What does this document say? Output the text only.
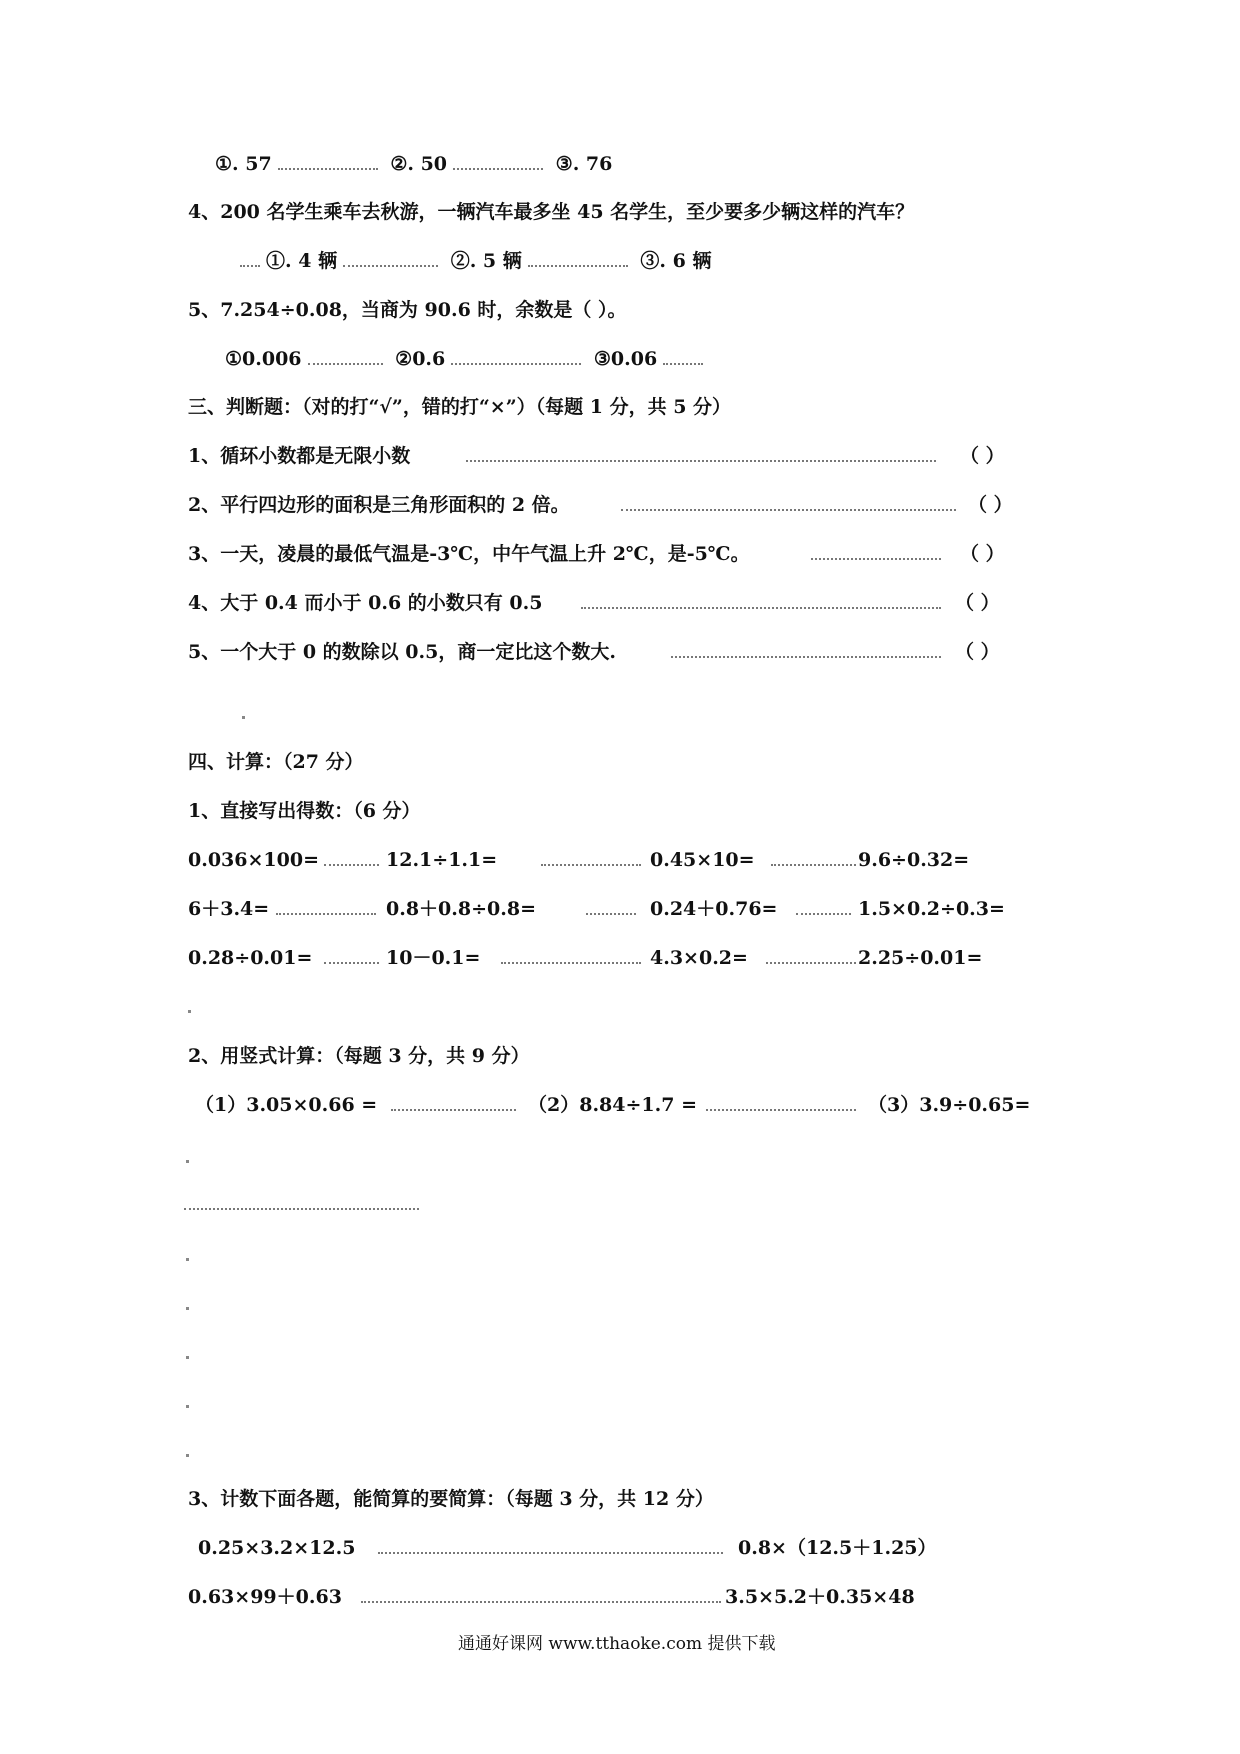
①. 57	②. 50	③. 76
4、200 名学生乘车去秋游，一辆汽车最多坐 45 名学生，至少要多少辆这样的汽车？
①. 4 辆	②. 5 辆	③. 6 辆
5、7.254÷0.08，当商为 90.6 时，余数是（ ）。
①0.006	②0.6	③0.06
三、判断题：（对的打“√”，错的打“×”）（每题 1 分，共 5 分）
1、循环小数都是无限小数	（ ）
2、平行四边形的面积是三角形面积的 2 倍。	（ ）
3、一天，凌晨的最低气温是-3℃，中午气温上升 2℃，是-5℃。	（ ）
4、大于 0.4 而小于 0.6 的小数只有 0.5	（ ）
5、一个大于 0 的数除以 0.5，商一定比这个数大.	（ ）
四、计算：（27 分）
1、直接写出得数：（6 分）
0.036×100=	12.1÷1.1=	0.45×10=	9.6÷0.32=
6＋3.4=	0.8＋0.8÷0.8=	0.24＋0.76=	1.5×0.2÷0.3=
0.28÷0.01=	10－0.1=	4.3×0.2=	2.25÷0.01=
2、用竖式计算：（每题 3 分，共 9 分）
（1）3.05×0.66 =	（2）8.84÷1.7 =	（3）3.9÷0.65=
3、计数下面各题，能简算的要简算：（每题 3 分，共 12 分）
0.25×3.2×12.5	0.8×（12.5＋1.25）
0.63×99＋0.63	3.5×5.2＋0.35×48
通通好课网 www.tthaoke.com 提供下载
